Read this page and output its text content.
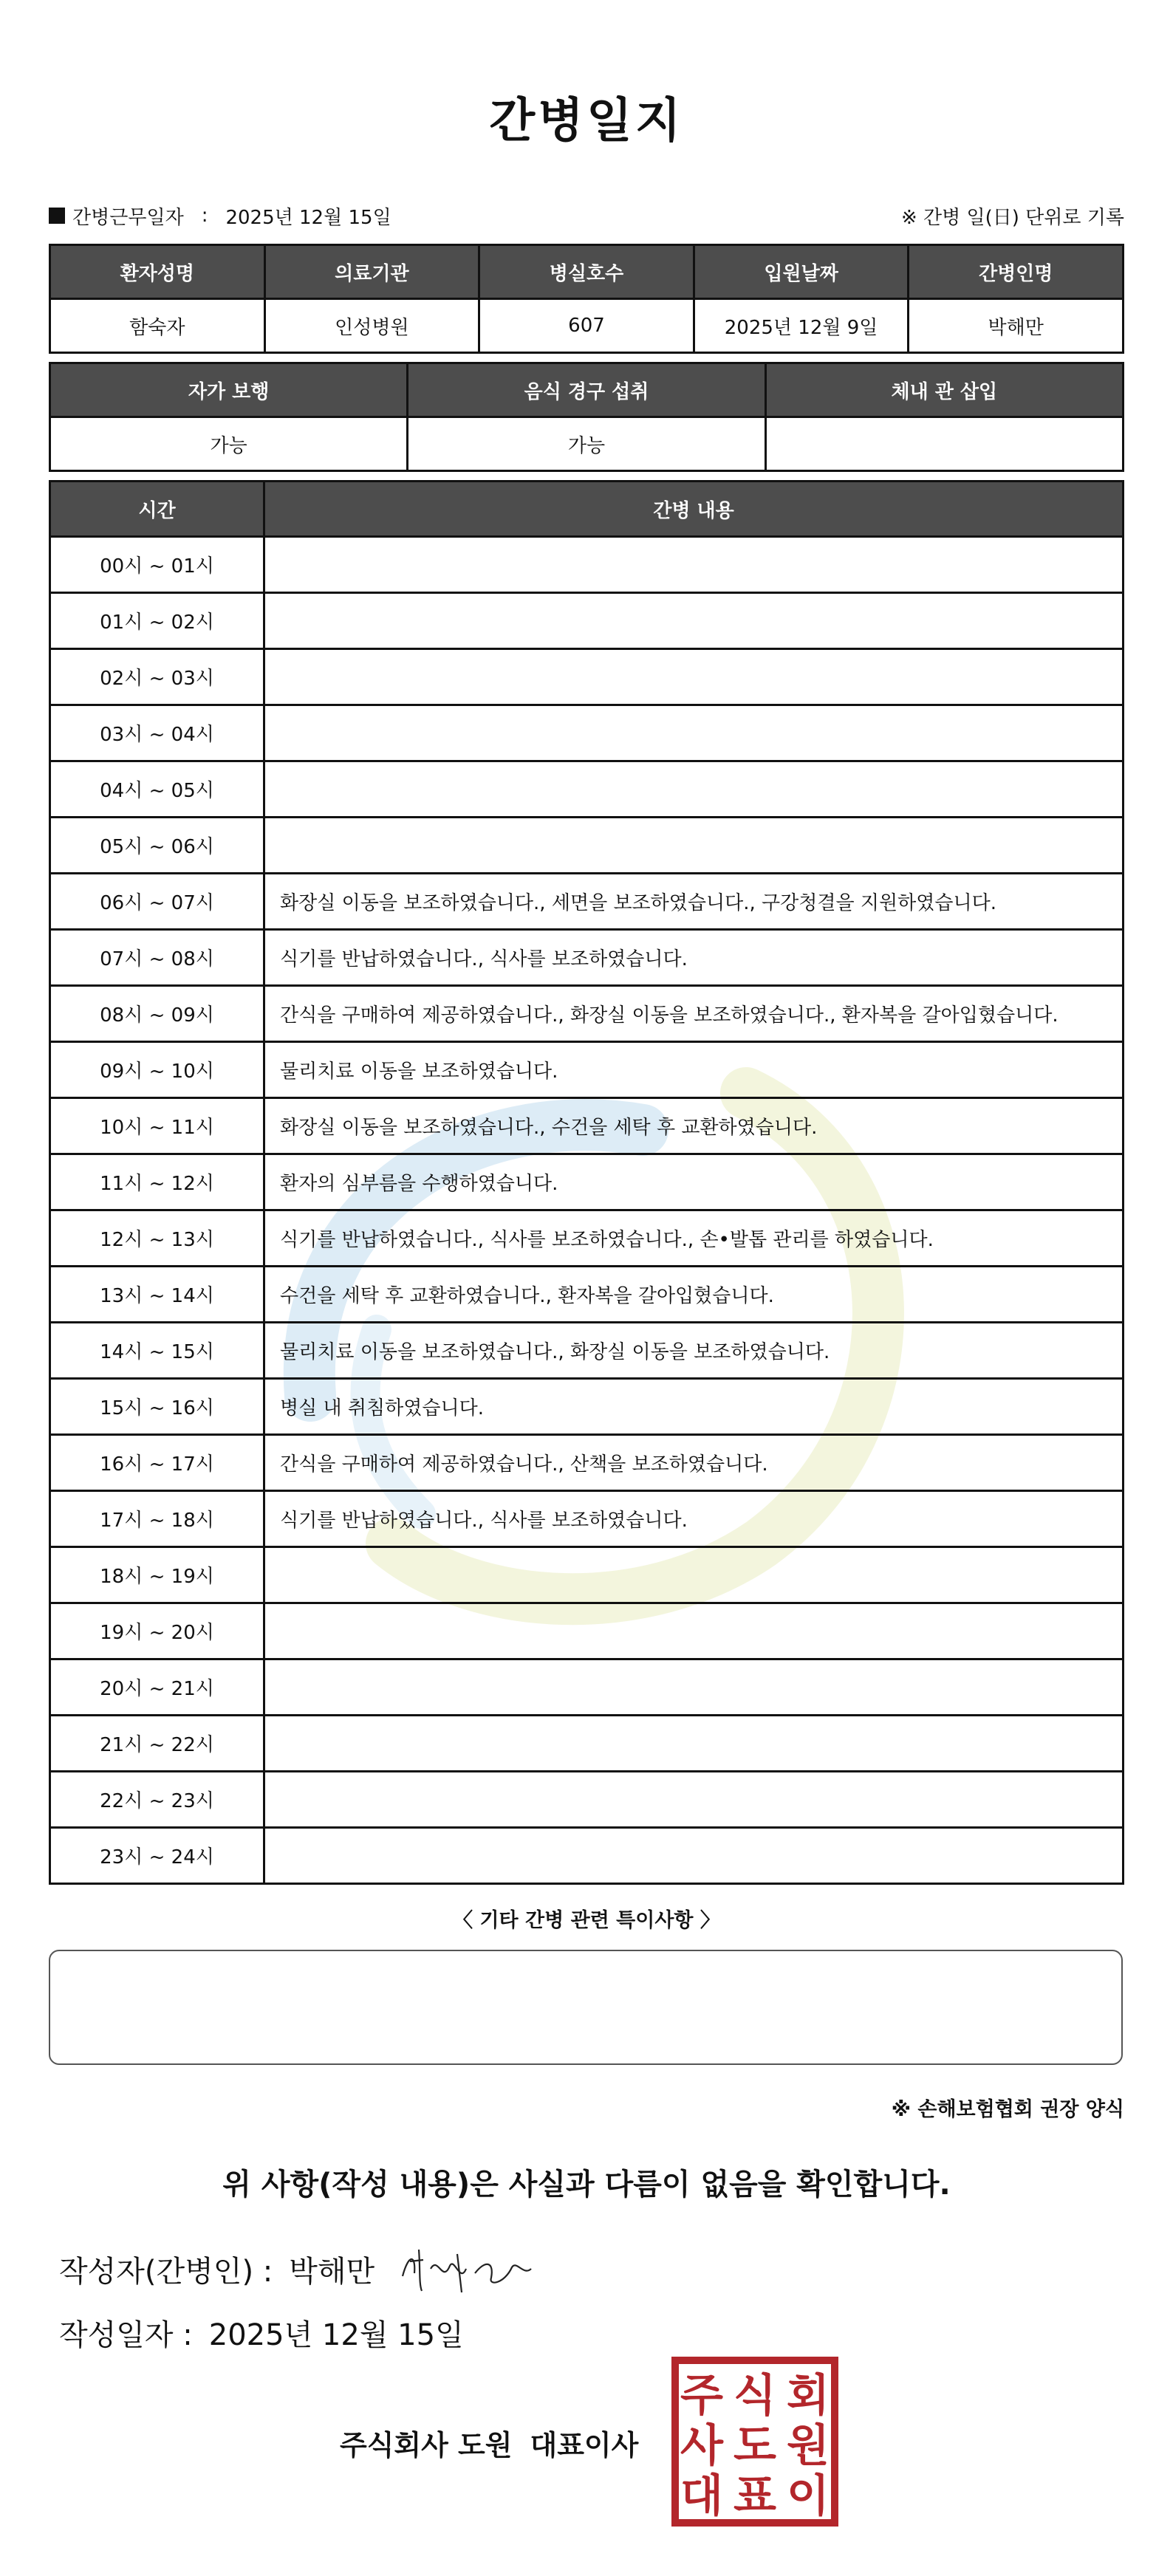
간병일지
간병근무일자 : 2025년 12월 15일	※ 간병 일(日) 단위로 기록
환자성명	의료기관	병실호수	입원날짜	간병인명
함숙자	인성병원	607	2025년 12월 9일	박해만
자가 보행	음식 경구 섭취	체내 관 삽입
가능	가능	
시간	간병 내용
00시 ~ 01시	
01시 ~ 02시	
02시 ~ 03시	
03시 ~ 04시	
04시 ~ 05시	
05시 ~ 06시	
06시 ~ 07시	화장실 이동을 보조하였습니다., 세면을 보조하였습니다., 구강청결을 지원하였습니다.
07시 ~ 08시	식기를 반납하였습니다., 식사를 보조하였습니다.
08시 ~ 09시	간식을 구매하여 제공하였습니다., 화장실 이동을 보조하였습니다., 환자복을 갈아입혔습니다.
09시 ~ 10시	물리치료 이동을 보조하였습니다.
10시 ~ 11시	화장실 이동을 보조하였습니다., 수건을 세탁 후 교환하였습니다.
11시 ~ 12시	환자의 심부름을 수행하였습니다.
12시 ~ 13시	식기를 반납하였습니다., 식사를 보조하였습니다., 손•발톱 관리를 하였습니다.
13시 ~ 14시	수건을 세탁 후 교환하였습니다., 환자복을 갈아입혔습니다.
14시 ~ 15시	물리치료 이동을 보조하였습니다., 화장실 이동을 보조하였습니다.
15시 ~ 16시	병실 내 취침하였습니다.
16시 ~ 17시	간식을 구매하여 제공하였습니다., 산책을 보조하였습니다.
17시 ~ 18시	식기를 반납하였습니다., 식사를 보조하였습니다.
18시 ~ 19시	
19시 ~ 20시	
20시 ~ 21시	
21시 ~ 22시	
22시 ~ 23시	
23시 ~ 24시	
〈 기타 간병 관련 특이사항 〉
※ 손해보험협회 권장 양식
위 사항(작성 내용)은 사실과 다름이 없음을 확인합니다.
작성자(간병인) : 박해만
작성일자 : 2025년 12월 15일
주식회사 도원 대표이사
주 식 회
사 도 원
대 표 이
